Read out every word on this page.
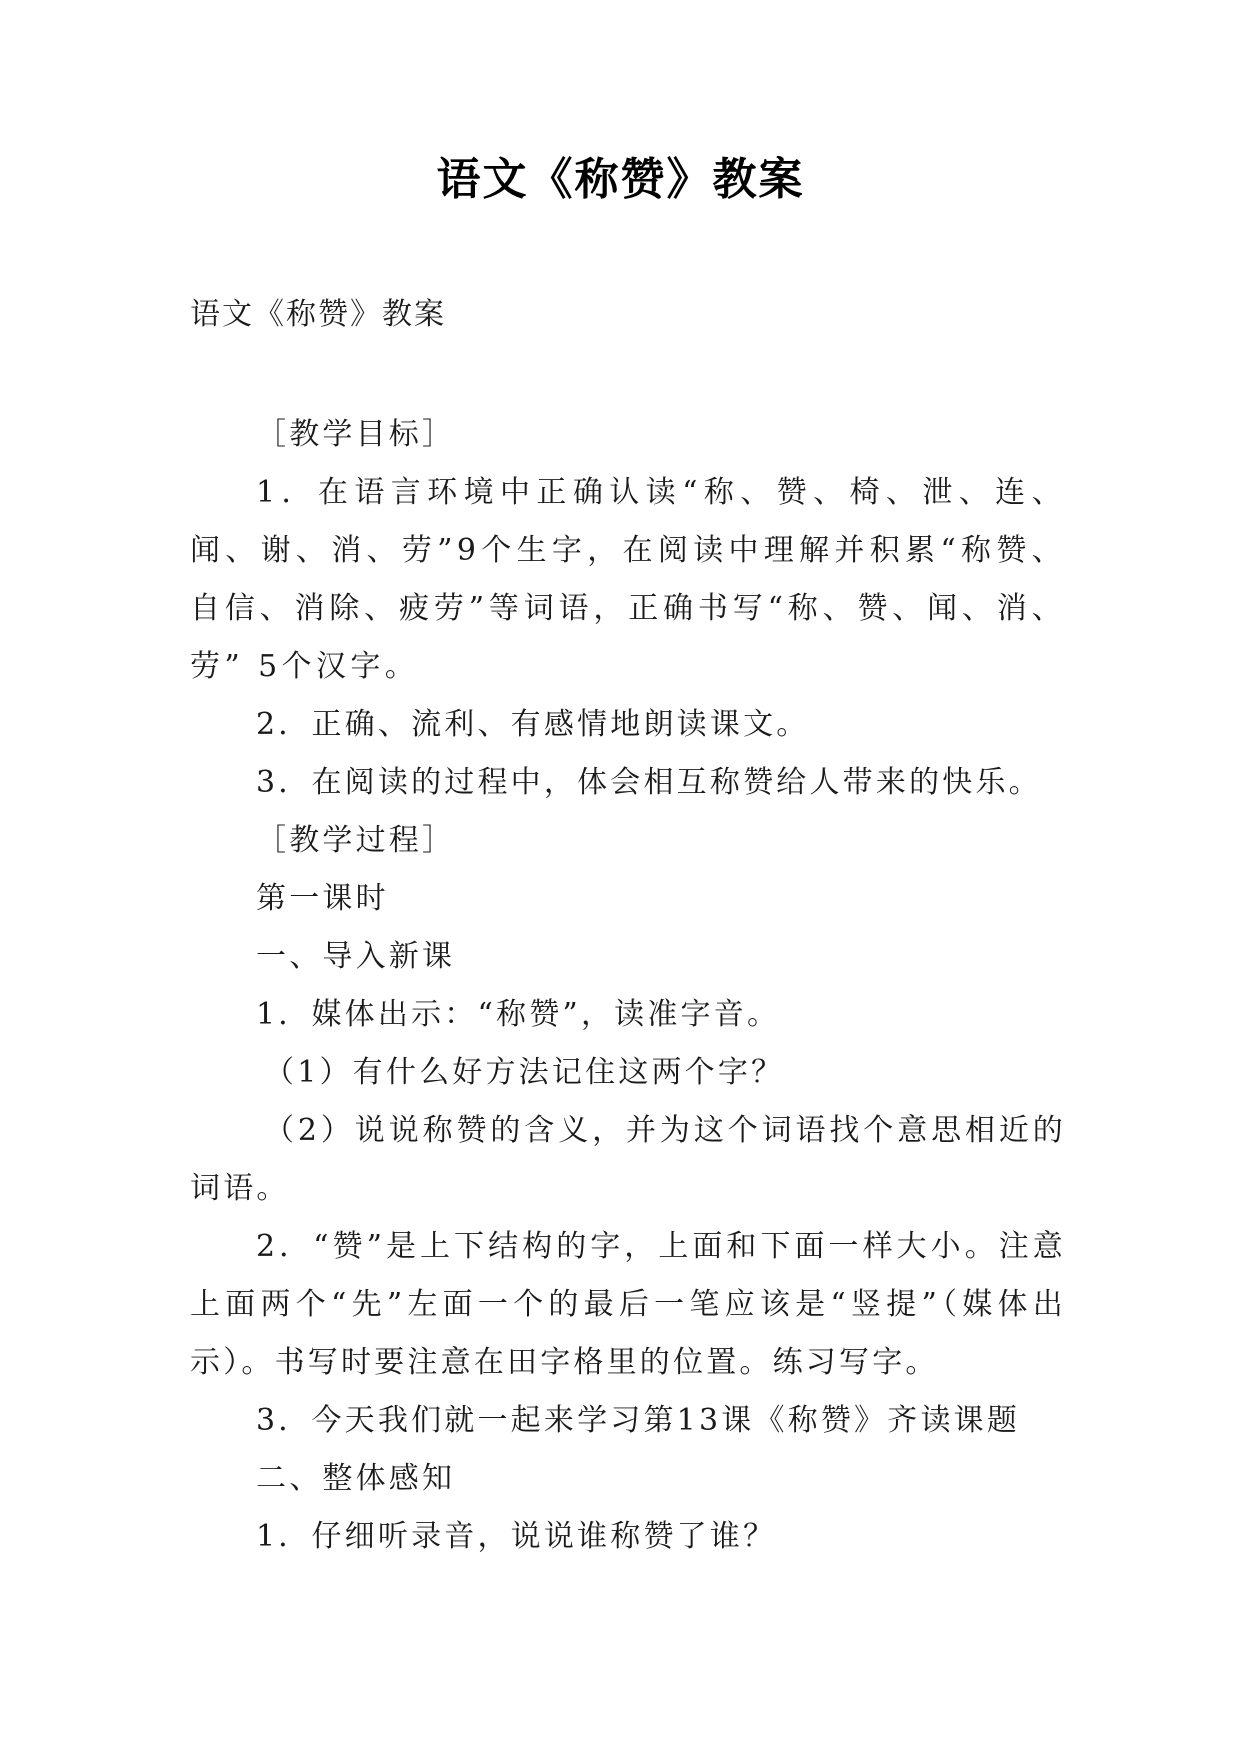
语文《称赞》教案
语文《称赞》教案

［教学目标］

1．在语言环境中正确认读“称、赞、椅、泄、连、闻、谢、消、劳”9个生字，在阅读中理解并积累“称赞、自信、消除、疲劳”等词语，正确书写“称、赞、闻、消、劳” 5个汉字。

2．正确、流利、有感情地朗读课文。

3．在阅读的过程中，体会相互称赞给人带来的快乐。

［教学过程］

第一课时

一、导入新课

1．媒体出示：“称赞”，读准字音。

（1）有什么好方法记住这两个字？

（2）说说称赞的含义，并为这个词语找个意思相近的词语。

2．“赞”是上下结构的字，上面和下面一样大小。注意上面两个“先”左面一个的最后一笔应该是“竖提”（媒体出示）。书写时要注意在田字格里的位置。练习写字。

3．今天我们就一起来学习第13课《称赞》齐读课题

二、整体感知

1．仔细听录音，说说谁称赞了谁？
